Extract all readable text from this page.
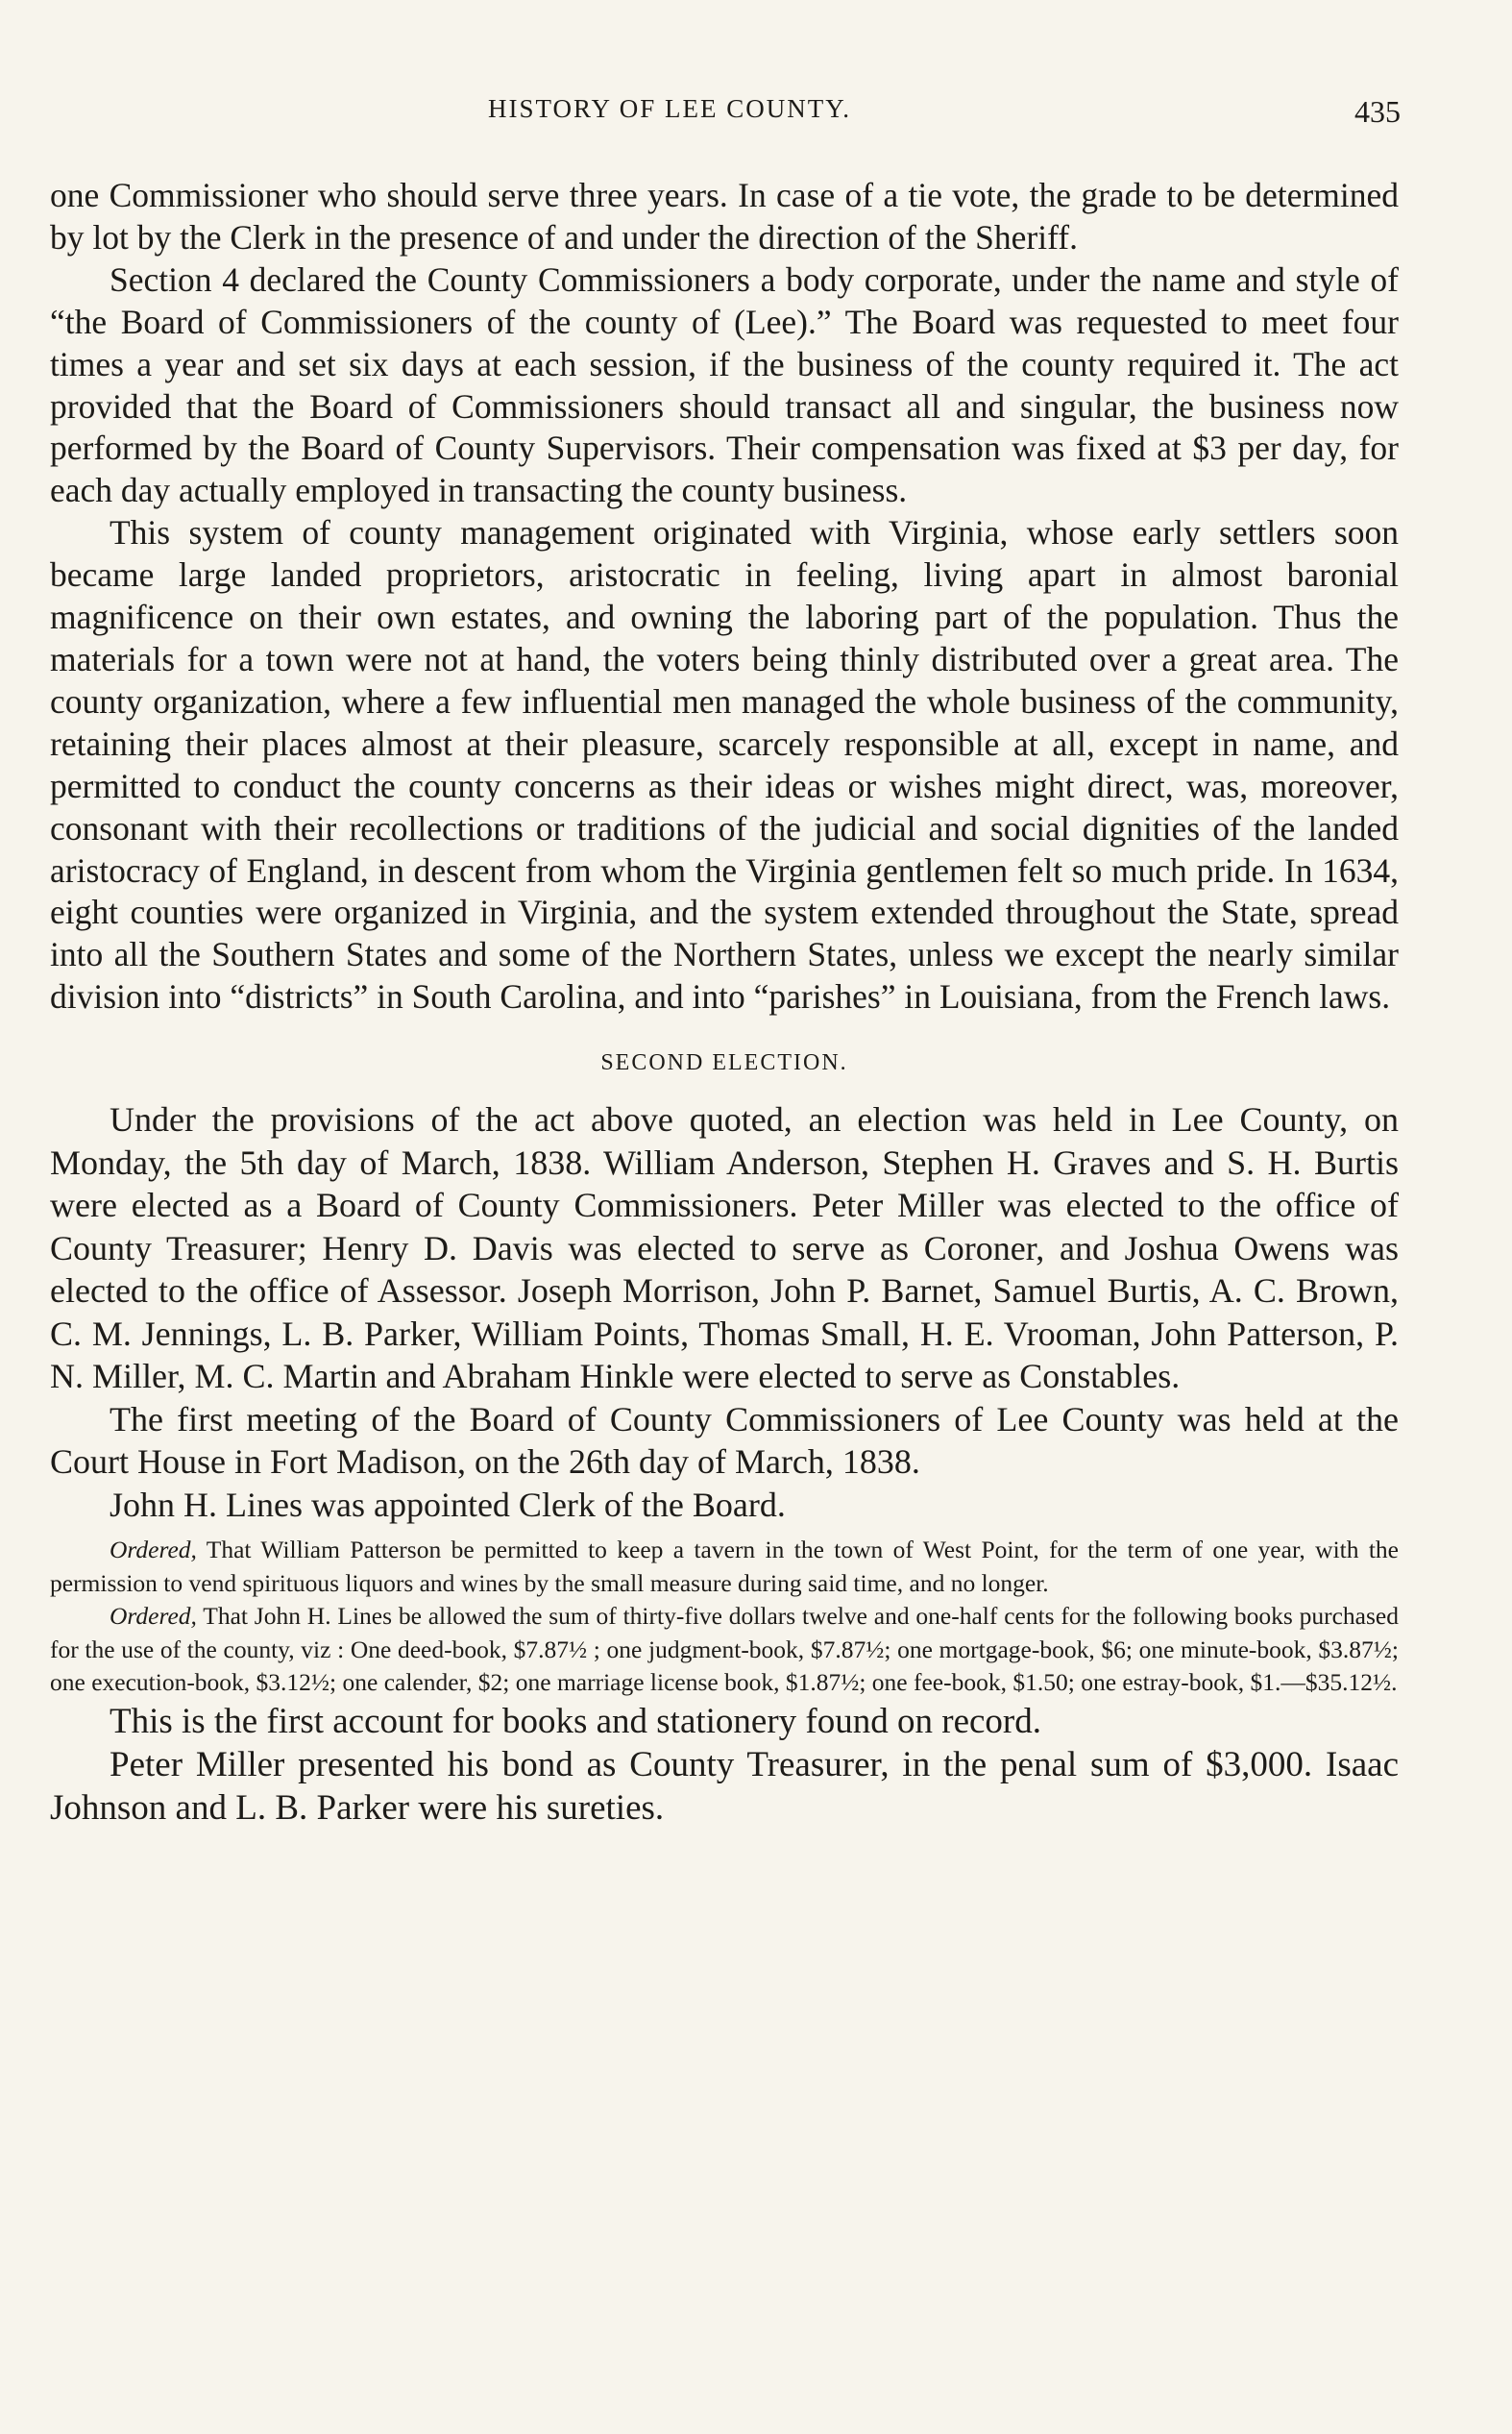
HISTORY OF LEE COUNTY.	435

one Commissioner who should serve three years. In case of a tie vote, the grade to be determined by lot by the Clerk in the presence of and under the direction of the Sheriff.

Section 4 declared the County Commissioners a body corporate, under the name and style of “the Board of Commissioners of the county of (Lee).” The Board was requested to meet four times a year and set six days at each session, if the business of the county required it. The act provided that the Board of Commissioners should transact all and singular, the business now performed by the Board of County Supervisors. Their compensation was fixed at $3 per day, for each day actually employed in transacting the county business.

This system of county management originated with Virginia, whose early settlers soon became large landed proprietors, aristocratic in feeling, living apart in almost baronial magnificence on their own estates, and owning the laboring part of the population. Thus the materials for a town were not at hand, the voters being thinly distributed over a great area. The county organization, where a few influential men managed the whole business of the community, retaining their places almost at their pleasure, scarcely responsible at all, except in name, and permitted to conduct the county concerns as their ideas or wishes might direct, was, moreover, consonant with their recollections or traditions of the judicial and social dignities of the landed aristocracy of England, in descent from whom the Virginia gentlemen felt so much pride. In 1634, eight counties were organized in Virginia, and the system extended throughout the State, spread into all the Southern States and some of the Northern States, unless we except the nearly similar division into “districts” in South Carolina, and into “parishes” in Louisiana, from the French laws.

SECOND ELECTION.

Under the provisions of the act above quoted, an election was held in Lee County, on Monday, the 5th day of March, 1838. William Anderson, Stephen H. Graves and S. H. Burtis were elected as a Board of County Commissioners. Peter Miller was elected to the office of County Treasurer; Henry D. Davis was elected to serve as Coroner, and Joshua Owens was elected to the office of Assessor. Joseph Morrison, John P. Barnet, Samuel Burtis, A. C. Brown, C. M. Jennings, L. B. Parker, William Points, Thomas Small, H. E. Vrooman, John Patterson, P. N. Miller, M. C. Martin and Abraham Hinkle were elected to serve as Constables.

The first meeting of the Board of County Commissioners of Lee County was held at the Court House in Fort Madison, on the 26th day of March, 1838.

John H. Lines was appointed Clerk of the Board.

Ordered, That William Patterson be permitted to keep a tavern in the town of West Point, for the term of one year, with the permission to vend spirituous liquors and wines by the small measure during said time, and no longer.

Ordered, That John H. Lines be allowed the sum of thirty-five dollars twelve and one-half cents for the following books purchased for the use of the county, viz : One deed-book, $7.87½ ; one judgment-book, $7.87½; one mortgage-book, $6; one minute-book, $3.87½; one execution-book, $3.12½; one calender, $2; one marriage license book, $1.87½; one fee-book, $1.50; one estray-book, $1.—$35.12½.

This is the first account for books and stationery found on record.

Peter Miller presented his bond as County Treasurer, in the penal sum of $3,000. Isaac Johnson and L. B. Parker were his sureties.
